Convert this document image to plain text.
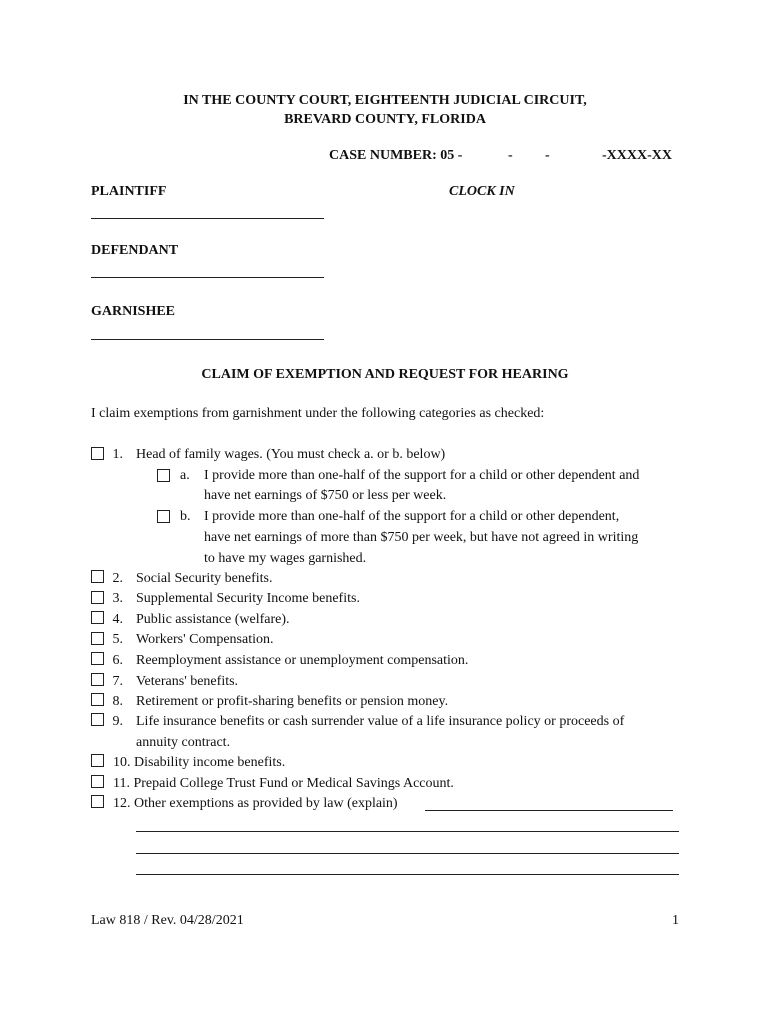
IN THE COUNTY COURT, EIGHTEENTH JUDICIAL CIRCUIT,
BREVARD COUNTY, FLORIDA
CASE NUMBER: 05 -	- -	-XXXX-XX
PLAINTIFF	CLOCK IN
DEFENDANT
GARNISHEE
CLAIM OF EXEMPTION AND REQUEST FOR HEARING
I claim exemptions from garnishment under the following categories as checked:
1. Head of family wages. (You must check a. or b. below)
a. I provide more than one-half of the support for a child or other dependent and
have net earnings of $750 or less per week.
b. I provide more than one-half of the support for a child or other dependent,
have net earnings of more than $750 per week, but have not agreed in writing
to have my wages garnished.
2. Social Security benefits.
3. Supplemental Security Income benefits.
4. Public assistance (welfare).
5. Workers' Compensation.
6. Reemployment assistance or unemployment compensation.
7. Veterans' benefits.
8. Retirement or profit-sharing benefits or pension money.
9. Life insurance benefits or cash surrender value of a life insurance policy or proceeds of
annuity contract.
10. Disability income benefits.
11. Prepaid College Trust Fund or Medical Savings Account.
12. Other exemptions as provided by law (explain)
Law 818 / Rev. 04/28/2021	1
